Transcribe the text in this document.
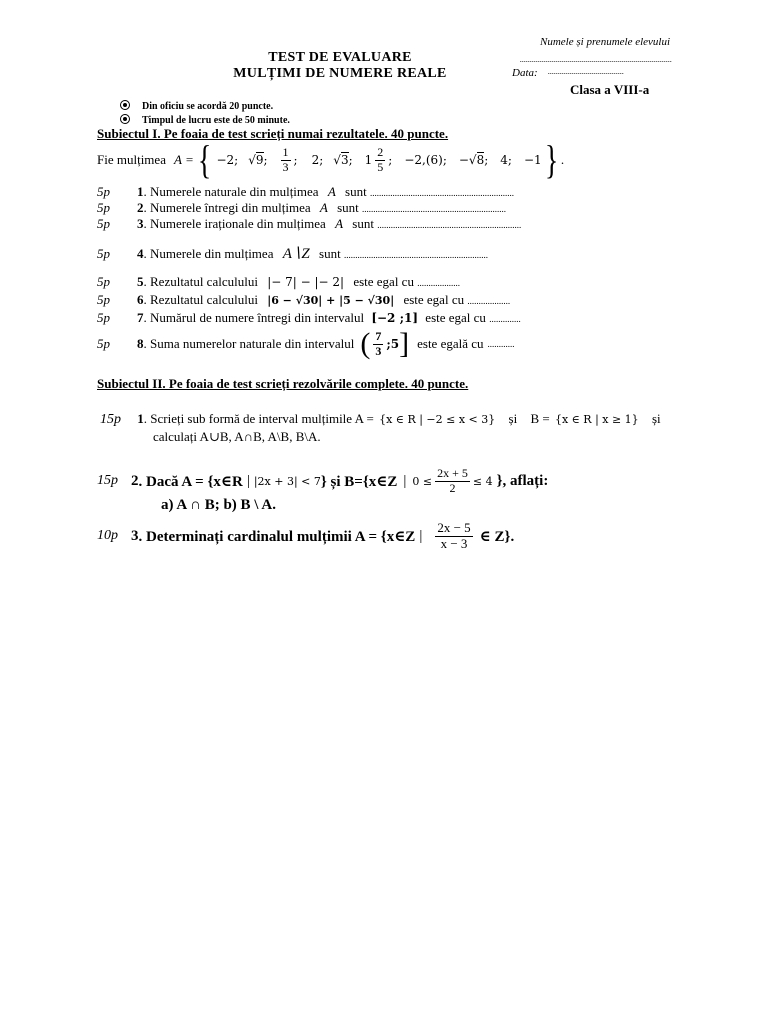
TEST DE EVALUARE
MULȚIMI DE NUMERE REALE
Numele și prenumele elevului
............................................................................
Data: ......................................
Clasa a VIII-a
Din oficiu se acordă 20 puncte.
Timpul de lucru este de 50 minute.
Subiectul I. Pe foaia de test scrieți numai rezultatele. 40 puncte.
Fie mulțimea A = { −2; √9; $\frac{1}{3}$ ; 2; √3; $1 \frac{2}{5}$ ; −2,(6); −√8; 4; −1 } .
5p 1. Numerele naturale din mulțimea A sunt ................................................................
5p 2. Numerele întregi din mulțimea A sunt ................................................................
5p 3. Numerele iraționale din mulțimea A sunt ................................................................
5p 4. Numerele din mulțimea A∖Z sunt ................................................................
5p 5. Rezultatul calculului |− 7| − |− 2| este egal cu ...................
5p 6. Rezultatul calculului |6 − √30| + |5 − √30| este egal cu ...................
5p 7. Numărul de numere întregi din intervalul [−2 ;1] este egal cu ..............
5p	8 . Suma numerelor naturale din intervalul ( $\frac{7}{3}$ ;5 ] este egală cu ............
Subiectul II. Pe foaia de test scrieți rezolvările complete. 40 puncte.
15p 1. Scrieți sub formă de interval mulțimile A = {x ∈ R | −2 ≤ x < 3} și B = {x ∈ R | x ≥ 1} și
calculați A∪B, A∩B, A\B, B\A.
15p 2 . Dacă A = {x∈R | |2x + 3| < 7 } și B={x∈Z | $0 \le \frac{2x + 5}{2} \le 4$ }, aflați:
a) A ∩ B; b) B \ A.
10p 3 . Determinați cardinalul mulțimii A = {x∈Z | $\frac{2x - 5}{x - 3}$ ∈ Z}.
